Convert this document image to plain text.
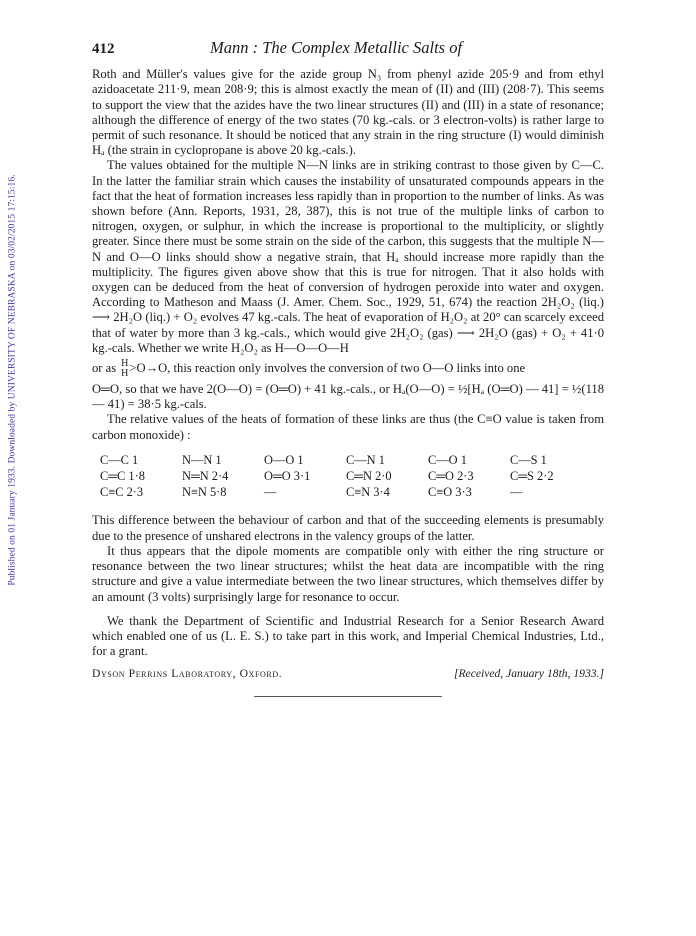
Published on 01 January 1933. Downloaded by UNIVERSITY OF NEBRASKA on 03/02/2015 17:15:16.
412	Mann : The Complex Metallic Salts of

Roth and Müller's values give for the azide group N₃ from phenyl azide 205·9 and from ethyl azidoacetate 211·9, mean 208·9; this is almost exactly the mean of (II) and (III) (208·7). This seems to support the view that the azides have the two linear structures (II) and (III) in a state of resonance; although the difference of energy of the two states (70 kg.-cals. or 3 electron-volts) is rather large to permit of such resonance. It should be noticed that any strain in the ring structure (I) would diminish Hₐ (the strain in cyclopropane is above 20 kg.-cals.).

The values obtained for the multiple N—N links are in striking contrast to those given by C—C. In the latter the familiar strain which causes the instability of unsaturated compounds appears in the fact that the heat of formation increases less rapidly than in proportion to the number of links. As was shown before (Ann. Reports, 1931, 28, 387), this is not true of the multiple links of carbon to nitrogen, oxygen, or sulphur, in which the increase is proportional to the multiplicity, or slightly greater. Since there must be some strain on the side of the carbon, this suggests that the multiple N—N and O—O links should show a negative strain, that Hₐ should increase more rapidly than the multiplicity. The figures given above show that this is true for nitrogen. That it also holds with oxygen can be deduced from the heat of conversion of hydrogen peroxide into water and oxygen. According to Matheson and Maass (J. Amer. Chem. Soc., 1929, 51, 674) the reaction 2H₂O₂ (liq.) ⟶ 2H₂O (liq.) + O₂ evolves 47 kg.-cals. The heat of evaporation of H₂O₂ at 20° can scarcely exceed that of water by more than 3 kg.-cals., which would give 2H₂O₂ (gas) ⟶ 2H₂O (gas) + O₂ + 41·0 kg.-cals. Whether we write H₂O₂ as H—O—O—H

or as H
H >O→O, this reaction only involves the conversion of two O—O links into one

O═O, so that we have 2(O—O) = (O═O) + 41 kg.-cals., or Hₐ(O—O) = ½[Hₐ (O═O) — 41] = ½(118 — 41) = 38·5 kg.-cals.

The relative values of the heats of formation of these links are thus (the C≡O value is taken from carbon monoxide) :

C—C 1	N—N 1	O—O 1	C—N 1	C—O 1	C—S 1
C═C 1·8	N═N 2·4	O═O 3·1	C═N 2·0	C═O 2·3	C═S 2·2
C≡C 2·3	N≡N 5·8	—	C≡N 3·4	C≡O 3·3	—

This difference between the behaviour of carbon and that of the succeeding elements is presumably due to the presence of unshared electrons in the valency groups of the latter.

It thus appears that the dipole moments are compatible only with either the ring structure or resonance between the two linear structures; whilst the heat data are incompatible with the ring structure and give a value intermediate between the two linear structures, which themselves differ by an amount (3 volts) surprisingly large for resonance to occur.

We thank the Department of Scientific and Industrial Research for a Senior Research Award which enabled one of us (L. E. S.) to take part in this work, and Imperial Chemical Industries, Ltd., for a grant.

Dyson Perrins Laboratory, Oxford.	[Received, January 18th, 1933.]
